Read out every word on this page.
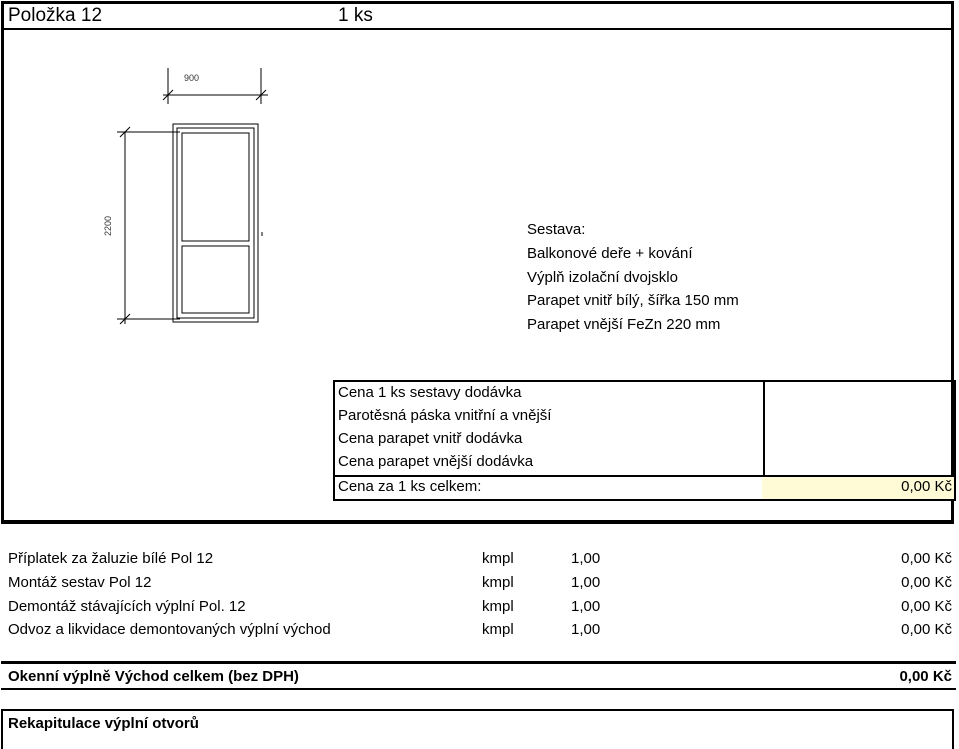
Položka 12	1 ks
900
2200	Sestava:
Balkonové deře + kování
Výplň izolační dvojsklo
Parapet vnitř bílý, šířka 150 mm
Parapet vnější FeZn 220 mm
Cena 1 ks sestavy dodávka
Parotěsná páska vnitřní a vnější
Cena parapet vnitř dodávka
Cena parapet vnější dodávka
Cena za 1 ks celkem:	0,00 Kč
Příplatek za žaluzie bílé Pol 12	kmpl	1,00	0,00 Kč
Montáž sestav Pol 12	kmpl	1,00	0,00 Kč
Demontáž stávajících výplní Pol. 12	kmpl	1,00	0,00 Kč
Odvoz a likvidace demontovaných výplní východ	kmpl	1,00	0,00 Kč
Okenní výplně Východ celkem (bez DPH)	0,00 Kč
Rekapitulace výplní otvorů
